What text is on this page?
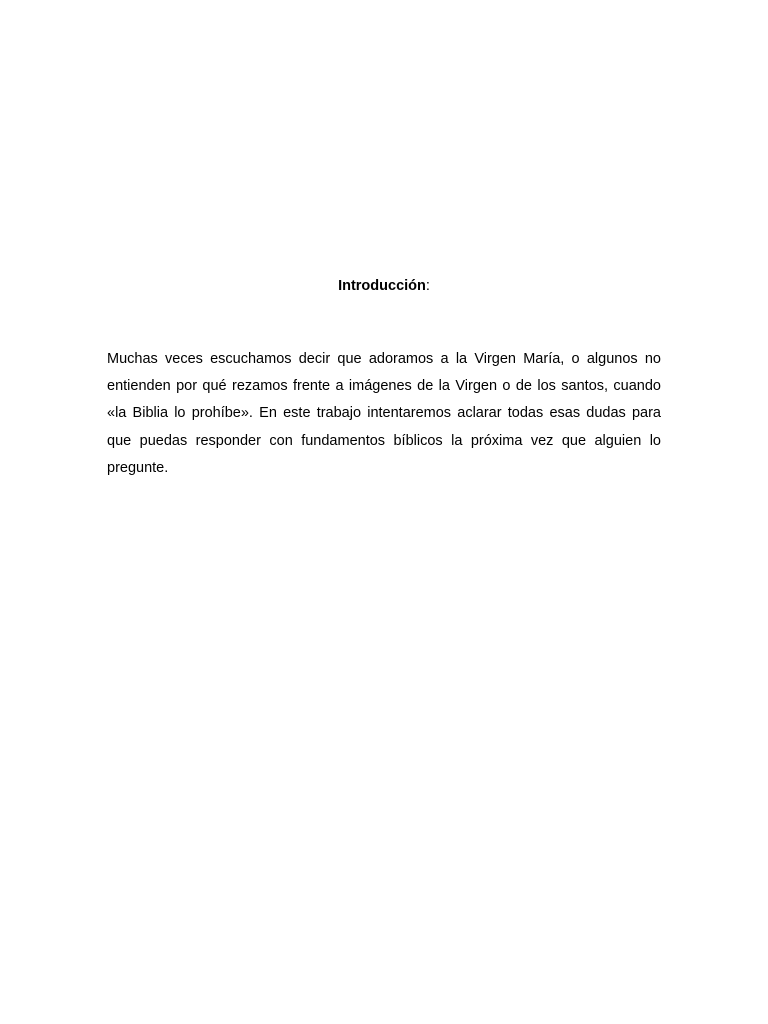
Introducción:
Muchas veces escuchamos decir que adoramos a la Virgen María, o algunos no
entienden por qué rezamos frente a imágenes de la Virgen o de los santos, cuando
«la Biblia lo prohíbe». En este trabajo intentaremos aclarar todas esas dudas para
que puedas responder con fundamentos bíblicos la próxima vez que alguien lo
pregunte.
